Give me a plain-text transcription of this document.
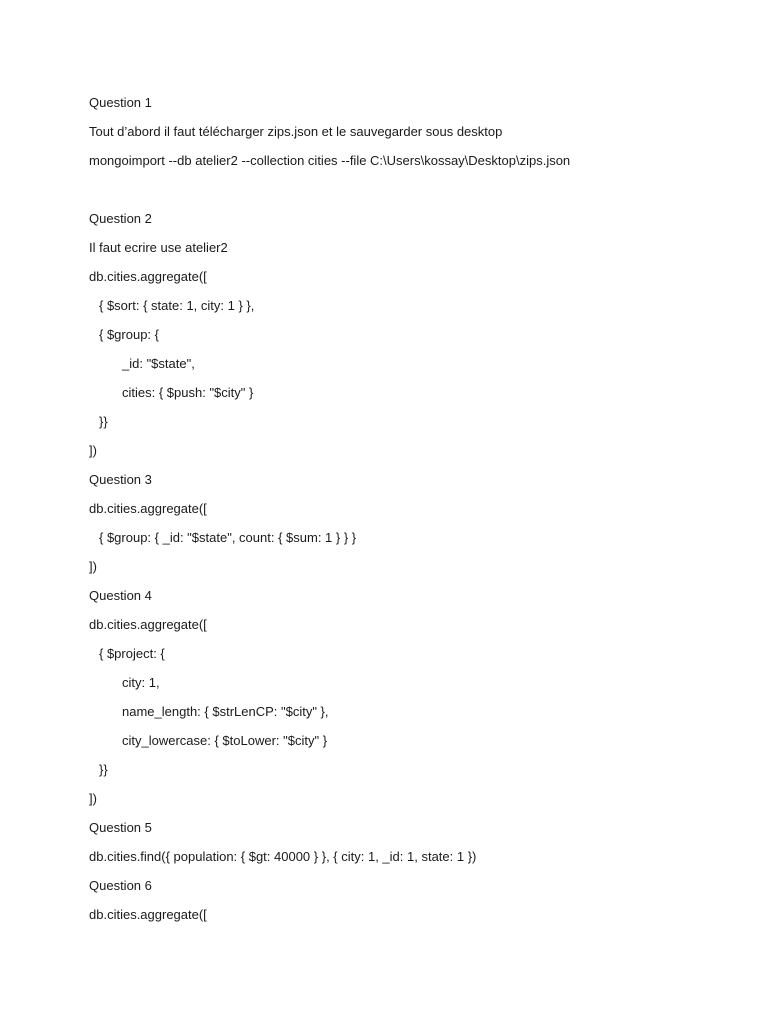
Question 1
Tout d’abord il faut télécharger zips.json et le sauvegarder sous desktop
mongoimport --db atelier2 --collection cities --file C:\Users\kossay\Desktop\zips.json
Question 2
Il faut ecrire use atelier2
db.cities.aggregate([
{ $sort: { state: 1, city: 1 } },
{ $group: {
_id: "$state",
cities: { $push: "$city" }
}}
])
Question 3
db.cities.aggregate([
{ $group: { _id: "$state", count: { $sum: 1 } } }
])
Question 4
db.cities.aggregate([
{ $project: {
city: 1,
name_length: { $strLenCP: "$city" },
city_lowercase: { $toLower: "$city" }
}}
])
Question 5
db.cities.find({ population: { $gt: 40000 } }, { city: 1, _id: 1, state: 1 })
Question 6
db.cities.aggregate([
